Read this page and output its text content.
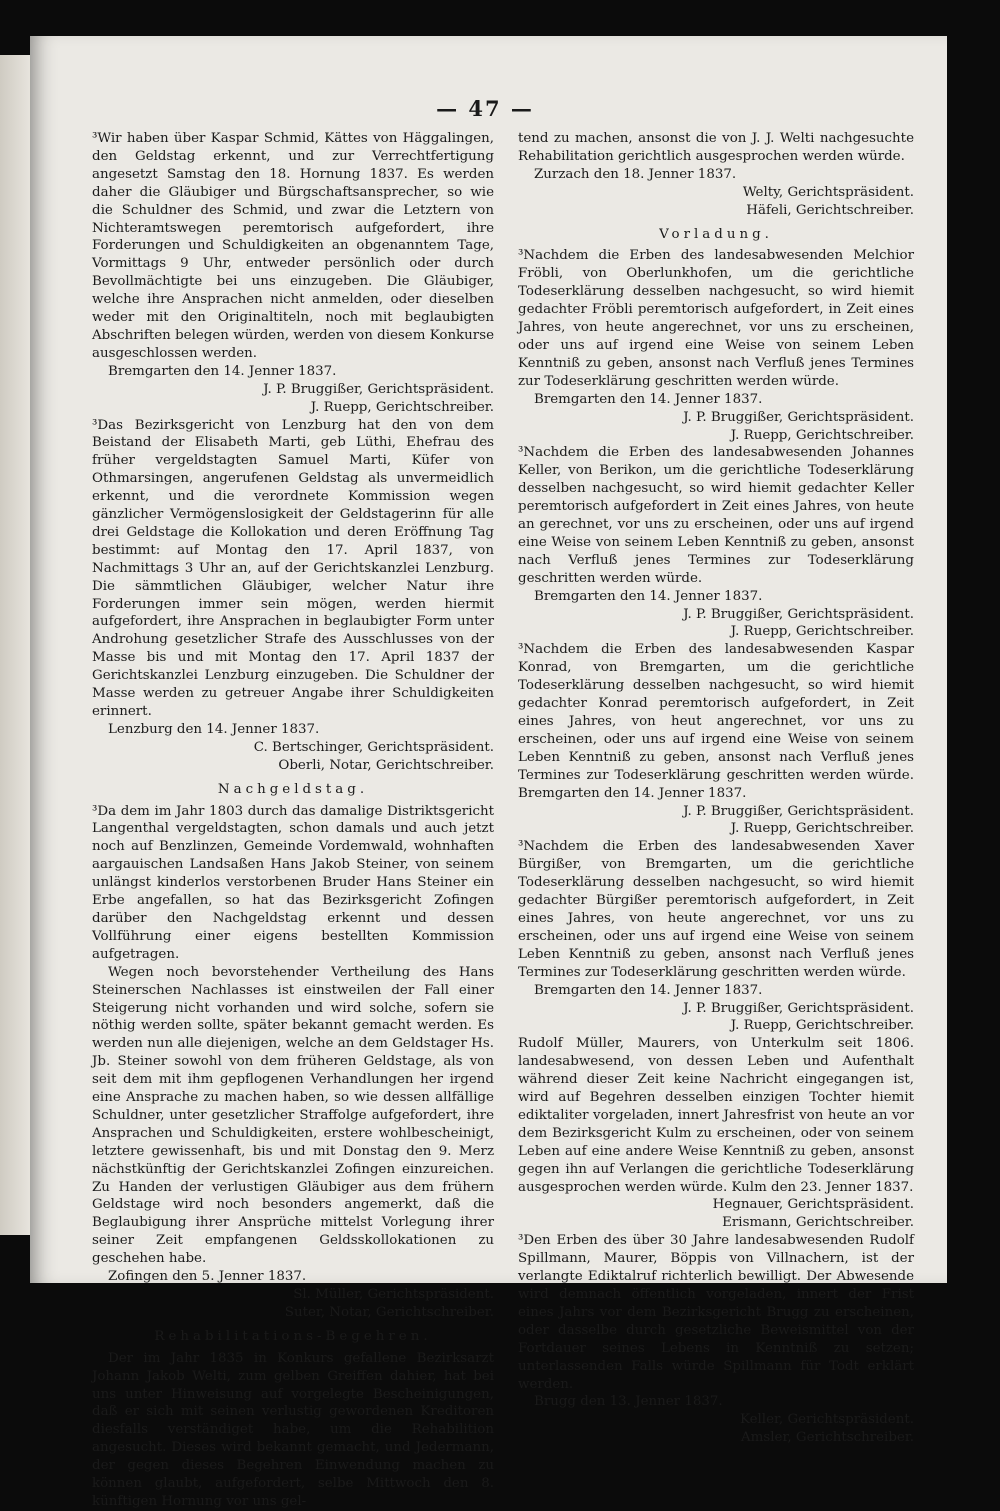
— 47 —

³Wir haben über Kaspar Schmid, Kättes von Häggalingen, den Geldstag erkennt, und zur Verrechtfertigung angesetzt Samstag den 18. Hornung 1837. Es werden daher die Gläubiger und Bürgschaftsansprecher, so wie die Schuldner des Schmid, und zwar die Letztern von Nichteramtswegen peremtorisch aufgefordert, ihre Forderungen und Schuldigkeiten an obgenanntem Tage, Vormittags 9 Uhr, entweder persönlich oder durch Bevollmächtigte bei uns einzugeben. Die Gläubiger, welche ihre Ansprachen nicht anmelden, oder dieselben weder mit den Originaltiteln, noch mit beglaubigten Abschriften belegen würden, werden von diesem Konkurse ausgeschlossen werden.

Bremgarten den 14. Jenner 1837.

J. P. Bruggißer, Gerichtspräsident.

J. Ruepp, Gerichtschreiber.

³Das Bezirksgericht von Lenzburg hat den von dem Beistand der Elisabeth Marti, geb Lüthi, Ehefrau des früher vergeldstagten Samuel Marti, Küfer von Othmarsingen, angerufenen Geldstag als unvermeidlich erkennt, und die verordnete Kommission wegen gänzlicher Vermögenslosigkeit der Geldstagerinn für alle drei Geldstage die Kollokation und deren Eröffnung Tag bestimmt: auf Montag den 17. April 1837, von Nachmittags 3 Uhr an, auf der Gerichtskanzlei Lenzburg. Die sämmtlichen Gläubiger, welcher Natur ihre Forderungen immer sein mögen, werden hiermit aufgefordert, ihre Ansprachen in beglaubigter Form unter Androhung gesetzlicher Strafe des Ausschlusses von der Masse bis und mit Montag den 17. April 1837 der Gerichtskanzlei Lenzburg einzugeben. Die Schuldner der Masse werden zu getreuer Angabe ihrer Schuldigkeiten erinnert.

Lenzburg den 14. Jenner 1837.

C. Bertschinger, Gerichtspräsident.

Oberli, Notar, Gerichtschreiber.

Nachgeldstag.

³Da dem im Jahr 1803 durch das damalige Distriktsgericht Langenthal vergeldstagten, schon damals und auch jetzt noch auf Benzlinzen, Gemeinde Vordemwald, wohnhaften aargauischen Landsaßen Hans Jakob Steiner, von seinem unlängst kinderlos verstorbenen Bruder Hans Steiner ein Erbe angefallen, so hat das Bezirksgericht Zofingen darüber den Nachgeldstag erkennt und dessen Vollführung einer eigens bestellten Kommission aufgetragen.

Wegen noch bevorstehender Vertheilung des Hans Steinerschen Nachlasses ist einstweilen der Fall einer Steigerung nicht vorhanden und wird solche, sofern sie nöthig werden sollte, später bekannt gemacht werden. Es werden nun alle diejenigen, welche an dem Geldstager Hs. Jb. Steiner sowohl von dem früheren Geldstage, als von seit dem mit ihm gepflogenen Verhandlungen her irgend eine Ansprache zu machen haben, so wie dessen allfällige Schuldner, unter gesetzlicher Straffolge aufgefordert, ihre Ansprachen und Schuldigkeiten, erstere wohlbescheinigt, letztere gewissenhaft, bis und mit Donstag den 9. Merz nächstkünftig der Gerichtskanzlei Zofingen einzureichen. Zu Handen der verlustigen Gläubiger aus dem frühern Geldstage wird noch besonders angemerkt, daß die Beglaubigung ihrer Ansprüche mittelst Vorlegung ihrer seiner Zeit empfangenen Geldsskollokationen zu geschehen habe.

Zofingen den 5. Jenner 1837.

Sl. Müller, Gerichtspräsident.

Suter, Notar, Gerichtschreiber.

Rehabilitations-Begehren.

Der im Jahr 1835 in Konkurs gefallene Bezirksarzt Johann Jakob Welti, zum gelben Greiffen dahier, hat bei uns unter Hinweisung auf vorgelegte Bescheinigungen, daß er sich mit seinen verlustig gewordenen Kreditoren diesfalls verständiget habe, um die Rehabilition angesucht. Dieses wird bekannt gemacht, und Jedermann, der gegen dieses Begehren Einwendung machen zu können glaubt, aufgefordert, selbe Mittwoch den 8. künftigen Hornung vor uns gel-

tend zu machen, ansonst die von J. J. Welti nachgesuchte Rehabilitation gerichtlich ausgesprochen werden würde.

Zurzach den 18. Jenner 1837.

Welty, Gerichtspräsident.

Häfeli, Gerichtschreiber.

Vorladung.

³Nachdem die Erben des landesabwesenden Melchior Fröbli, von Oberlunkhofen, um die gerichtliche Todeserklärung desselben nachgesucht, so wird hiemit gedachter Fröbli peremtorisch aufgefordert, in Zeit eines Jahres, von heute angerechnet, vor uns zu erscheinen, oder uns auf irgend eine Weise von seinem Leben Kenntniß zu geben, ansonst nach Verfluß jenes Termines zur Todeserklärung geschritten werden würde.

Bremgarten den 14. Jenner 1837.

J. P. Bruggißer, Gerichtspräsident.

J. Ruepp, Gerichtschreiber.

³Nachdem die Erben des landesabwesenden Johannes Keller, von Berikon, um die gerichtliche Todeserklärung desselben nachgesucht, so wird hiemit gedachter Keller peremtorisch aufgefordert in Zeit eines Jahres, von heute an gerechnet, vor uns zu erscheinen, oder uns auf irgend eine Weise von seinem Leben Kenntniß zu geben, ansonst nach Verfluß jenes Termines zur Todeserklärung geschritten werden würde.

Bremgarten den 14. Jenner 1837.

J. P. Bruggißer, Gerichtspräsident.

J. Ruepp, Gerichtschreiber.

³Nachdem die Erben des landesabwesenden Kaspar Konrad, von Bremgarten, um die gerichtliche Todeserklärung desselben nachgesucht, so wird hiemit gedachter Konrad peremtorisch aufgefordert, in Zeit eines Jahres, von heut angerechnet, vor uns zu erscheinen, oder uns auf irgend eine Weise von seinem Leben Kenntniß zu geben, ansonst nach Verfluß jenes Termines zur Todeserklärung geschritten werden würde. Bremgarten den 14. Jenner 1837.

J. P. Bruggißer, Gerichtspräsident.

J. Ruepp, Gerichtschreiber.

³Nachdem die Erben des landesabwesenden Xaver Bürgißer, von Bremgarten, um die gerichtliche Todeserklärung desselben nachgesucht, so wird hiemit gedachter Bürgißer peremtorisch aufgefordert, in Zeit eines Jahres, von heute angerechnet, vor uns zu erscheinen, oder uns auf irgend eine Weise von seinem Leben Kenntniß zu geben, ansonst nach Verfluß jenes Termines zur Todeserklärung geschritten werden würde.

Bremgarten den 14. Jenner 1837.

J. P. Bruggißer, Gerichtspräsident.

J. Ruepp, Gerichtschreiber.

Rudolf Müller, Maurers, von Unterkulm seit 1806. landesabwesend, von dessen Leben und Aufenthalt während dieser Zeit keine Nachricht eingegangen ist, wird auf Begehren desselben einzigen Tochter hiemit ediktaliter vorgeladen, innert Jahresfrist von heute an vor dem Bezirksgericht Kulm zu erscheinen, oder von seinem Leben auf eine andere Weise Kenntniß zu geben, ansonst gegen ihn auf Verlangen die gerichtliche Todeserklärung ausgesprochen werden würde. Kulm den 23. Jenner 1837.

Hegnauer, Gerichtspräsident.

Erismann, Gerichtschreiber.

³Den Erben des über 30 Jahre landesabwesenden Rudolf Spillmann, Maurer, Böppis von Villnachern, ist der verlangte Ediktalruf richterlich bewilligt. Der Abwesende wird demnach öffentlich vorgeladen, innert der Frist eines Jahrs vor dem Bezirksgericht Brugg zu erscheinen, oder dasselbe durch gesetzliche Beweismittel von der Fortdauer seines Lebens in Kenntniß zu setzen; unterlassenden Falls würde Spillmann für Todt erklärt werden.

Brugg den 13. Jenner 1837.

Keller, Gerichtspräsident.

Amsler, Gerichtschreiber.
